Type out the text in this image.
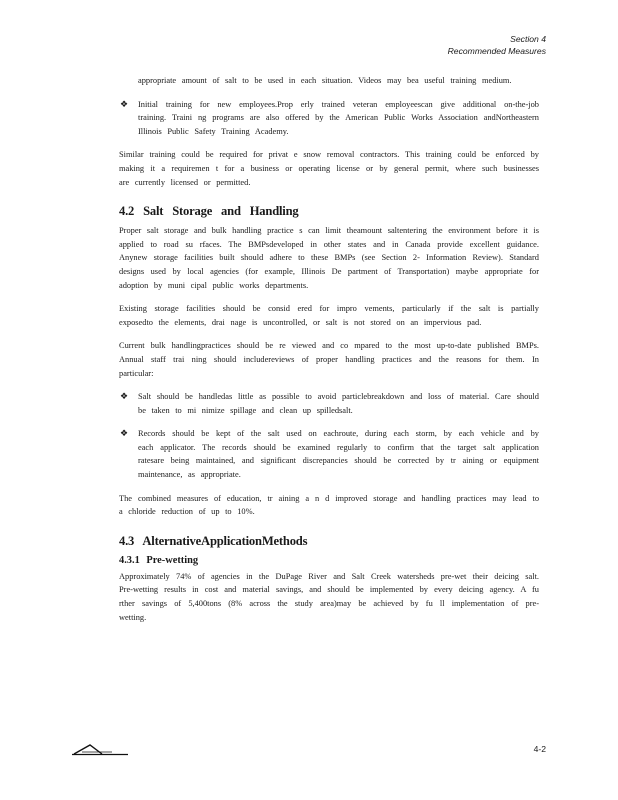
Section 4
Recommended Measures

appropriate amount of salt to be used in each situation. Videos may bea useful training medium.

❖ Initial training for new employees.Prop erly trained veteran employeescan give additional on-the-job training. Traini ng programs are also offered by the American Public Works Association andNortheastern Illinois Public Safety Training Academy.

Similar training could be required for privat e snow removal contractors. This training could be enforced by making it a requiremen t for a business or operating license or by general permit, where such businesses are currently licensed or permitted.

4.2 Salt Storage and Handling

Proper salt storage and bulk handling practice s can limit theamount saltentering the environment before it is applied to road su rfaces. The BMPsdeveloped in other states and in Canada provide excellent guidance. Anynew storage facilities built should adhere to these BMPs (see Section 2- Information Review). Standard designs used by local agencies (for example, Illinois De partment of Transportation) maybe appropriate for adoption by muni cipal public works departments.

Existing storage facilities should be consid ered for impro vements, particularly if the salt is partially exposedto the elements, drai nage is uncontrolled, or salt is not stored on an impervious pad.

Current bulk handlingpractices should be re viewed and co mpared to the most up-to-date published BMPs. Annual staff trai ning should includereviews of proper handling practices and the reasons for them. In particular:

❖ Salt should be handledas little as possible to avoid particlebreakdown and loss of material. Care should be taken to mi nimize spillage and clean up spilledsalt.

❖ Records should be kept of the salt used on eachroute, during each storm, by each vehicle and by each applicator. The records should be examined regularly to confirm that the target salt application ratesare being maintained, and significant discrepancies should be corrected by tr aining or equipment maintenance, as appropriate.

The combined measures of education, tr aining a n d improved storage and handling practices may lead to a chloride reduction of up to 10%.

4.3 AlternativeApplicationMethods
4.3.1 Pre-wetting

Approximately 74% of agencies in the DuPage River and Salt Creek watersheds pre-wet their deicing salt. Pre-wetting results in cost and material savings, and should be implemented by every deicing agency. A fu rther savings of 5,400tons (8% across the study area)may be achieved by fu ll implementation of pre-wetting.

4-2
